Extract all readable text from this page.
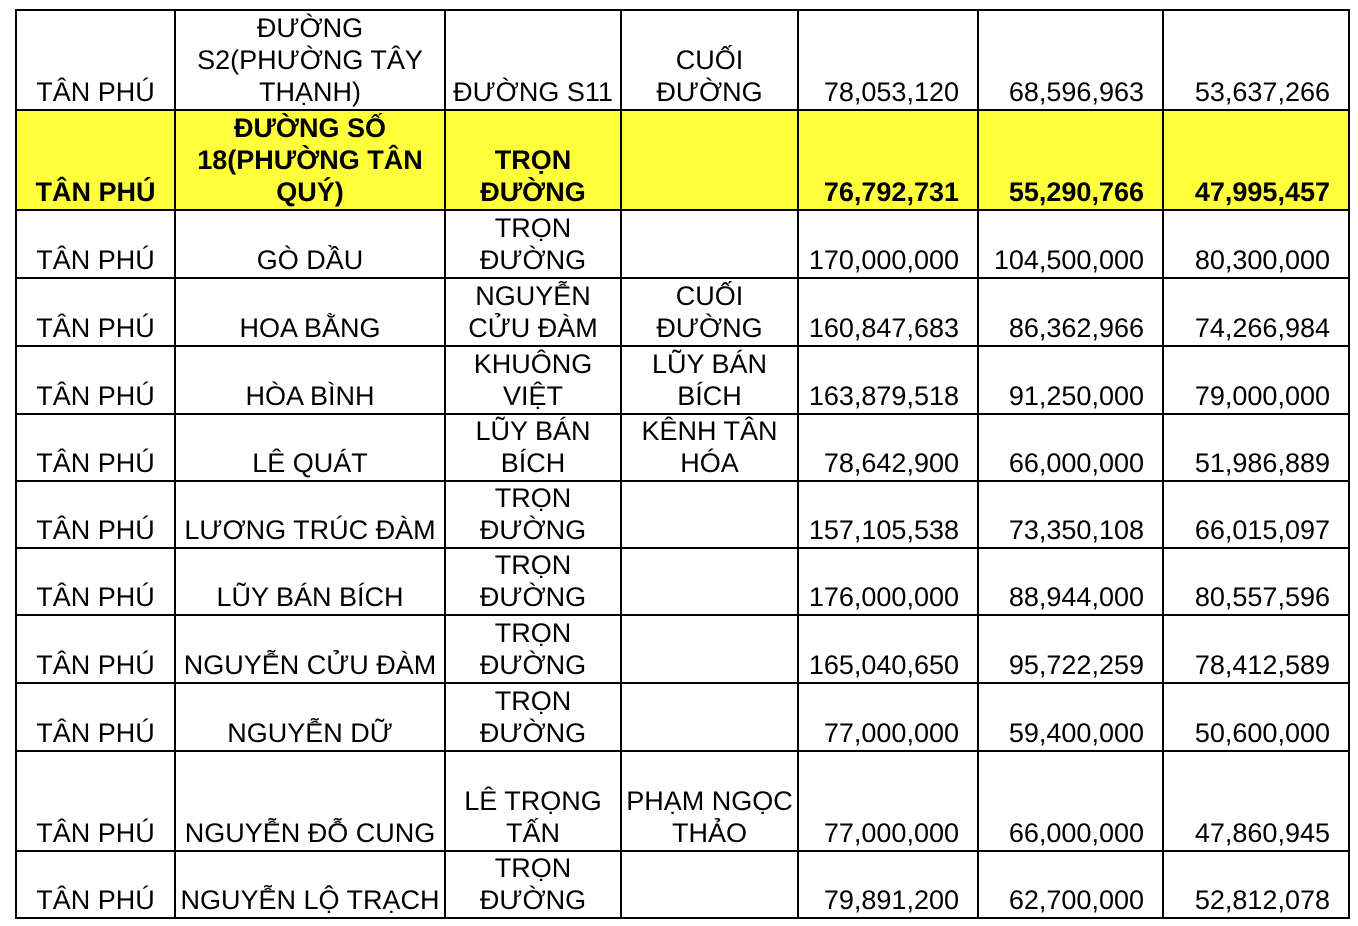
TÂN PHÚ	ĐƯỜNG S2(PHƯỜNG TÂY THẠNH)	ĐƯỜNG S11	CUỐI ĐƯỜNG	78,053,120	68,596,963	53,637,266
TÂN PHÚ	ĐƯỜNG SỐ 18(PHƯỜNG TÂN QUÝ)	TRỌN ĐƯỜNG		76,792,731	55,290,766	47,995,457
TÂN PHÚ	GÒ DẦU	TRỌN ĐƯỜNG		170,000,000	104,500,000	80,300,000
TÂN PHÚ	HOA BẰNG	NGUYỄN CỬU ĐÀM	CUỐI ĐƯỜNG	160,847,683	86,362,966	74,266,984
TÂN PHÚ	HÒA BÌNH	KHUÔNG VIỆT	LŨY BÁN BÍCH	163,879,518	91,250,000	79,000,000
TÂN PHÚ	LÊ QUÁT	LŨY BÁN BÍCH	KÊNH TÂN HÓA	78,642,900	66,000,000	51,986,889
TÂN PHÚ	LƯƠNG TRÚC ĐÀM	TRỌN ĐƯỜNG		157,105,538	73,350,108	66,015,097
TÂN PHÚ	LŨY BÁN BÍCH	TRỌN ĐƯỜNG		176,000,000	88,944,000	80,557,596
TÂN PHÚ	NGUYỄN CỬU ĐÀM	TRỌN ĐƯỜNG		165,040,650	95,722,259	78,412,589
TÂN PHÚ	NGUYỄN DỮ	TRỌN ĐƯỜNG		77,000,000	59,400,000	50,600,000
TÂN PHÚ	NGUYỄN ĐỖ CUNG	LÊ TRỌNG TẤN	PHẠM NGỌC THẢO	77,000,000	66,000,000	47,860,945
TÂN PHÚ	NGUYỄN LỘ TRẠCH	TRỌN ĐƯỜNG		79,891,200	62,700,000	52,812,078
